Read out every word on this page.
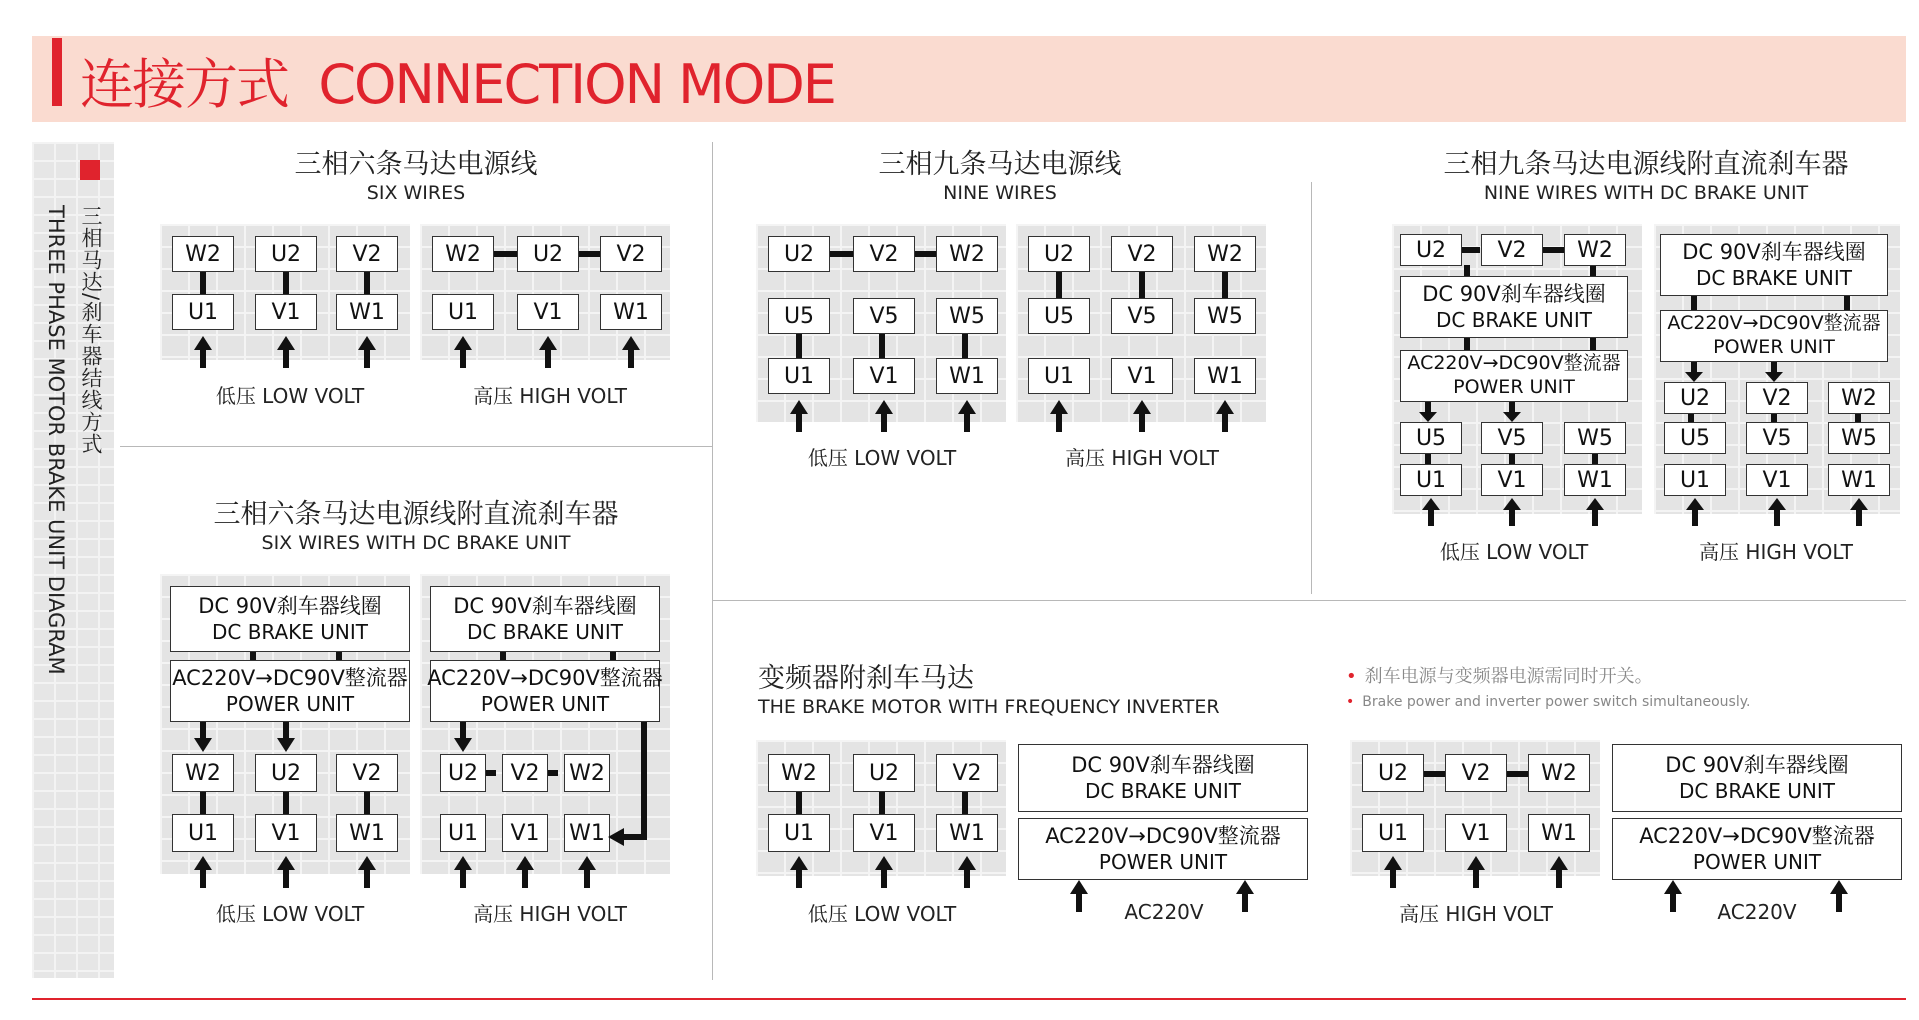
连接方式  CONNECTION MODE
三相马达/刹车器结线方式
THREE PHASE MOTOR BRAKE UNIT DIAGRAM
三相六条马达电源线
SIX WIRES
三相九条马达电源线
NINE WIRES
三相九条马达电源线附直流刹车器
NINE WIRES WITH DC BRAKE UNIT
三相六条马达电源线附直流刹车器
SIX WIRES WITH DC BRAKE UNIT
变频器附刹车马达
THE BRAKE MOTOR WITH FREQUENCY INVERTER
• 刹车电源与变频器电源需同时开关。
• Brake power and inverter power switch simultaneously.
W2	U2	V2
U1	V1	W1
低压 LOW VOLT
W2	U2	V2
U1	V1	W1
高压 HIGH VOLT
U2	V2	W2
U5	V5	W5
U1	V1	W1
低压 LOW VOLT
U2	V2	W2
U5	V5	W5
U1	V1	W1
高压 HIGH VOLT
U2	V2	W2
DC 90V刹车器线圈
DC BRAKE UNIT
AC220V→DC90V整流器
POWER UNIT
U5	V5	W5
U1	V1	W1
低压 LOW VOLT
DC 90V刹车器线圈
DC BRAKE UNIT
AC220V→DC90V整流器
POWER UNIT
U2	V2	W2
U5	V5	W5
U1	V1	W1
高压 HIGH VOLT
DC 90V刹车器线圈
DC BRAKE UNIT
AC220V→DC90V整流器
POWER UNIT
W2	U2	V2
U1	V1	W1
低压 LOW VOLT
DC 90V刹车器线圈
DC BRAKE UNIT
AC220V→DC90V整流器
POWER UNIT
U2	V2	W2
U1	V1	W1
高压 HIGH VOLT
W2	U2	V2
U1	V1	W1
低压 LOW VOLT
DC 90V刹车器线圈
DC BRAKE UNIT
AC220V→DC90V整流器
POWER UNIT
AC220V
U2	V2	W2
U1	V1	W1
高压 HIGH VOLT
DC 90V刹车器线圈
DC BRAKE UNIT
AC220V→DC90V整流器
POWER UNIT
AC220V
